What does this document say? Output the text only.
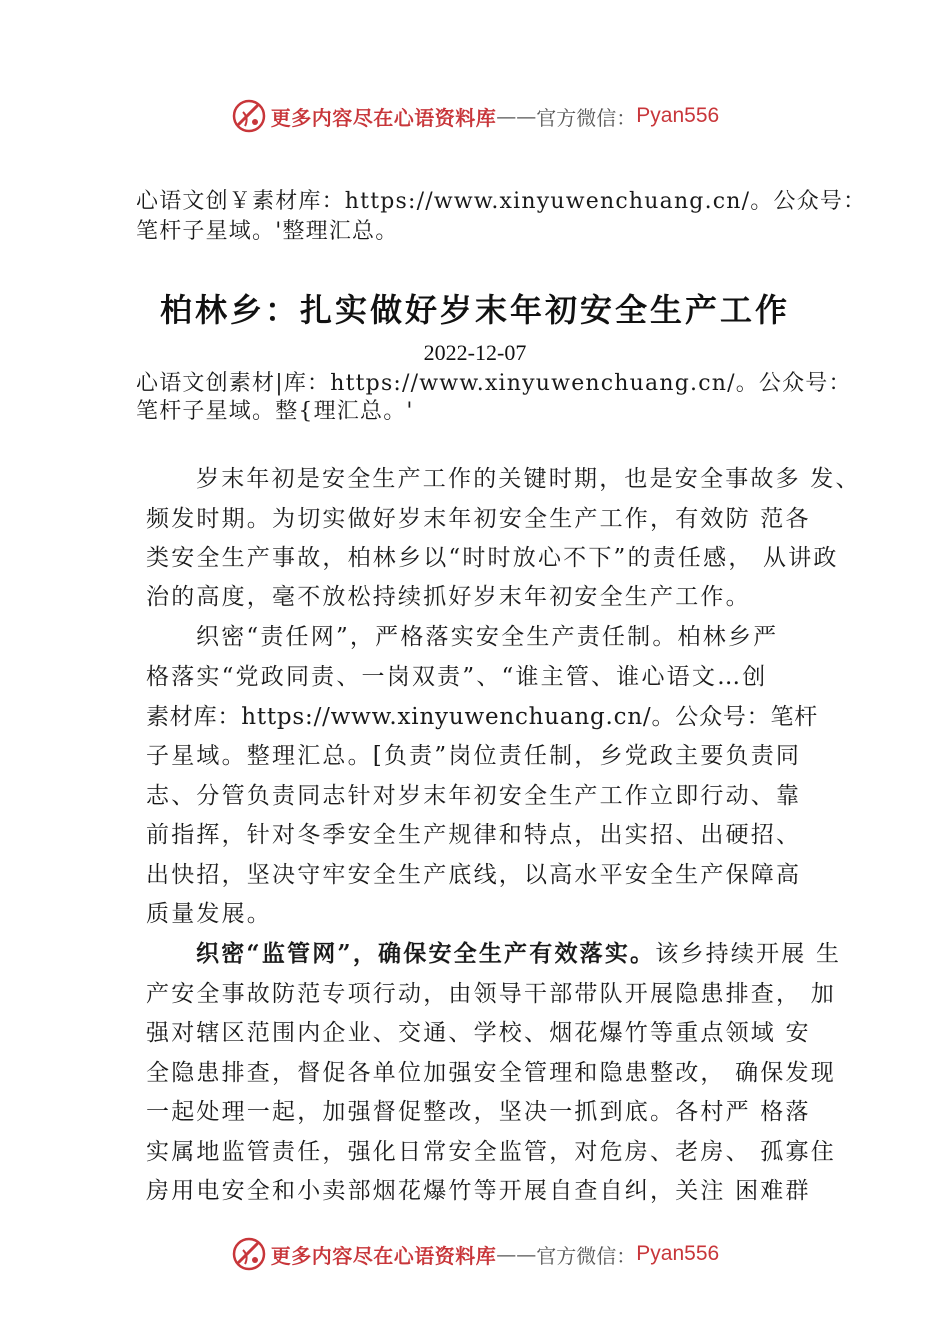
更多内容尽在心语资料库 —— 官方微信： Pyan556
心语文创￥素材库：https://www.xinyuwenchuang.cn/。公众号：
笔杆子星域。'整理汇总。
柏林乡：扎实做好岁末年初安全生产工作
2022-12-07
心语文创素材|库：https://www.xinyuwenchuang.cn/。公众号：
笔杆子星域。整{理汇总。'
岁末年初是安全生产工作的关键时期，也是安全事故多 发、
频发时期。为切实做好岁末年初安全生产工作，有效防 范各
类安全生产事故，柏林乡以“时时放心不下”的责任感， 从讲政
治的高度，毫不放松持续抓好岁末年初安全生产工作。
织密“责任网”，严格落实安全生产责任制。柏林乡严
格落实“党政同责、一岗双责”、“谁主管、谁心语文…创
素材库：https://www.xinyuwenchuang.cn/。公众号：笔杆
子星域。整理汇总。[负责”岗位责任制，乡党政主要负责同
志、分管负责同志针对岁末年初安全生产工作立即行动、靠
前指挥，针对冬季安全生产规律和特点，出实招、出硬招、
出快招，坚决守牢安全生产底线，以高水平安全生产保障高
质量发展。
织密“监管网”，确保安全生产有效落实。该乡持续开展 生
产安全事故防范专项行动，由领导干部带队开展隐患排查， 加
强对辖区范围内企业、交通、学校、烟花爆竹等重点领域 安
全隐患排查，督促各单位加强安全管理和隐患整改， 确保发现
一起处理一起，加强督促整改，坚决一抓到底。各村严 格落
实属地监管责任，强化日常安全监管，对危房、老房、 孤寡住
房用电安全和小卖部烟花爆竹等开展自查自纠，关注 困难群
更多内容尽在心语资料库 —— 官方微信： Pyan556
